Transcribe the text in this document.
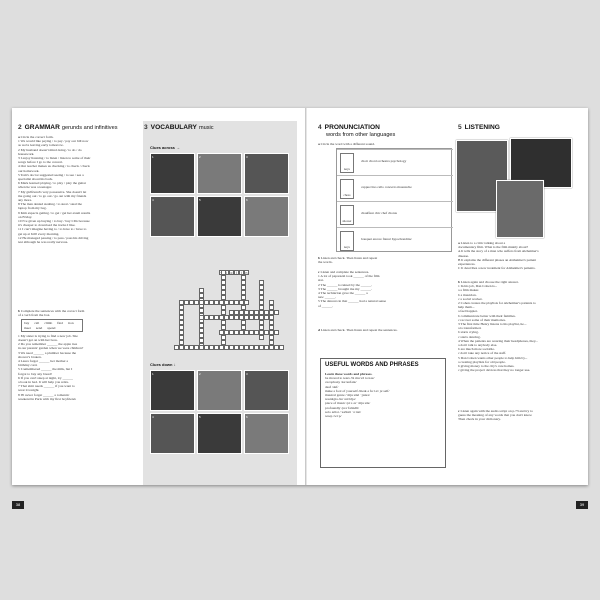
2 GRAMMAR gerunds and infinitives
a Circle the correct form.
1 We would like paying / to pay / pay our bill now
as we're leaving early tomorrow.
2 My husband doesn't mind doing / to do / do
housework.
3 I enjoy listening / to listen / listen to some of their
songs before I go to the concert.
4 Our teacher makes us checking / to check / check
our homework.
5 Tom's doctor suggested seeing / to see / see a
specialist about his back.
6 Mark learned playing / to play / play the guitar
when he was a teenager.
7 My girlfriend's very possessive. She doesn't let
me going out / to go out / go out with my friends
any more.
8 The man denied stealing / to steal / steal the
laptop from my bag.
9 Kim expects getting / to get / get her exam results
on Friday.
10 I've given up buying / to buy / buy CDs because
it's cheaper to download the tracks I like.
11 I can't imagine having to / to have to / have to
get up at 6.00 every morning.
12 He managed passing / to pass / pass his driving
test although he was really nervous.
b Complete the sentences with the correct form
of a verb from the box.
buy call climb find iron
meet send spend
1 My sister is trying to find a new job. She
doesn't get on with her boss.
2 Do you remember ______ the apple tree
in our parents' garden when we were children?
3 We need ______ a plumber because the
shower's broken.
4 Laura forgot ______ her mother a
birthday card.
5 I remembered ______ the milk, but I
forgot to buy any bread!
6 If you can't sleep at night, try ______
a book in bed. It will help you relax.
7 That shirt needs ______ if you want to
wear it tonight.
8 I'll never forget ______ a romantic
weekend in Paris with my first boyfriend.
38
3 VOCABULARY music
Clues across →
1	2	3
4	5	6
i	o	l	i	n
Clues down ↓
1	2	3
4	5	6
4 PRONUNCIATION
words from other languages
a Circle the word with a different sound.
keys
choir chord orchestra psychology
chess
cappuccino cello concerto moustache
shower
chauffeur chic chef chorus
keys
bouquet encore fiancé hypochondriac
b Listen and check. Then listen and repeat
the words.
c Listen and complete the sentences.
1 A lot of paparazzi took ______ of the film
star.
2 The ______ is ruined by the ______.
3 The ______ brought me my ______.
4 The technician gave the ______ a
new ______.
5 The dancers in that ______ had a natural sense
of ______.
d Listen and check. Then listen and repeat the sentences.
USEFUL WORDS AND PHRASES
Learn these words and phrases.
be moved to tears /bi muːvd tə tɪəz/
cacophony /kəˈkɒfəni/
deaf /def/
make a fool of yourself /meɪk ə fuːl əv jəˈself/
musical genre /ˈmjuːzɪkl ˈʒɒnrə/
nostalgia /nɒˈstældʒə/
piece of music /piːs əv ˈmjuːzɪk/
profoundly /prəˈfaʊndli/
solo artist /ˈsəʊləʊ ˈɑːtɪst/
weep /wiːp/
5 LISTENING
a Listen to a critic talking about a
documentary film. What is the film mainly about?
A It tells the story of a man who suffers from Alzheimer's
disease.
B It explains the different phases an Alzheimer's patient
experiences.
C It describes a new treatment for Alzheimer's patients.
b Listen again and choose the right answer.
1 In his job, Dan Cohen is...
a a film maker.
b a musician.
c a social worker.
2 Cohen creates the playlists for Alzheimer's patients to
help them...
a feel happier.
b communicate better with their families.
c recover some of their memories.
3 The first time Henry listens to his playlist, he...
a is transformed.
b starts crying.
c starts dancing.
4 When the patients are wearing their headphones, they...
a don't talk to anybody else.
b are much more sociable.
c don't take any notice of the staff.
5 Dan Cohen wants other people to help him by...
a creating playlists for old people.
b giving money to the city's care homes.
c giving the project devices that they no longer use.
c Listen again with the audio script on p.73 and try to
guess the meaning of any words that you don't know.
Then check in your dictionary.
39
